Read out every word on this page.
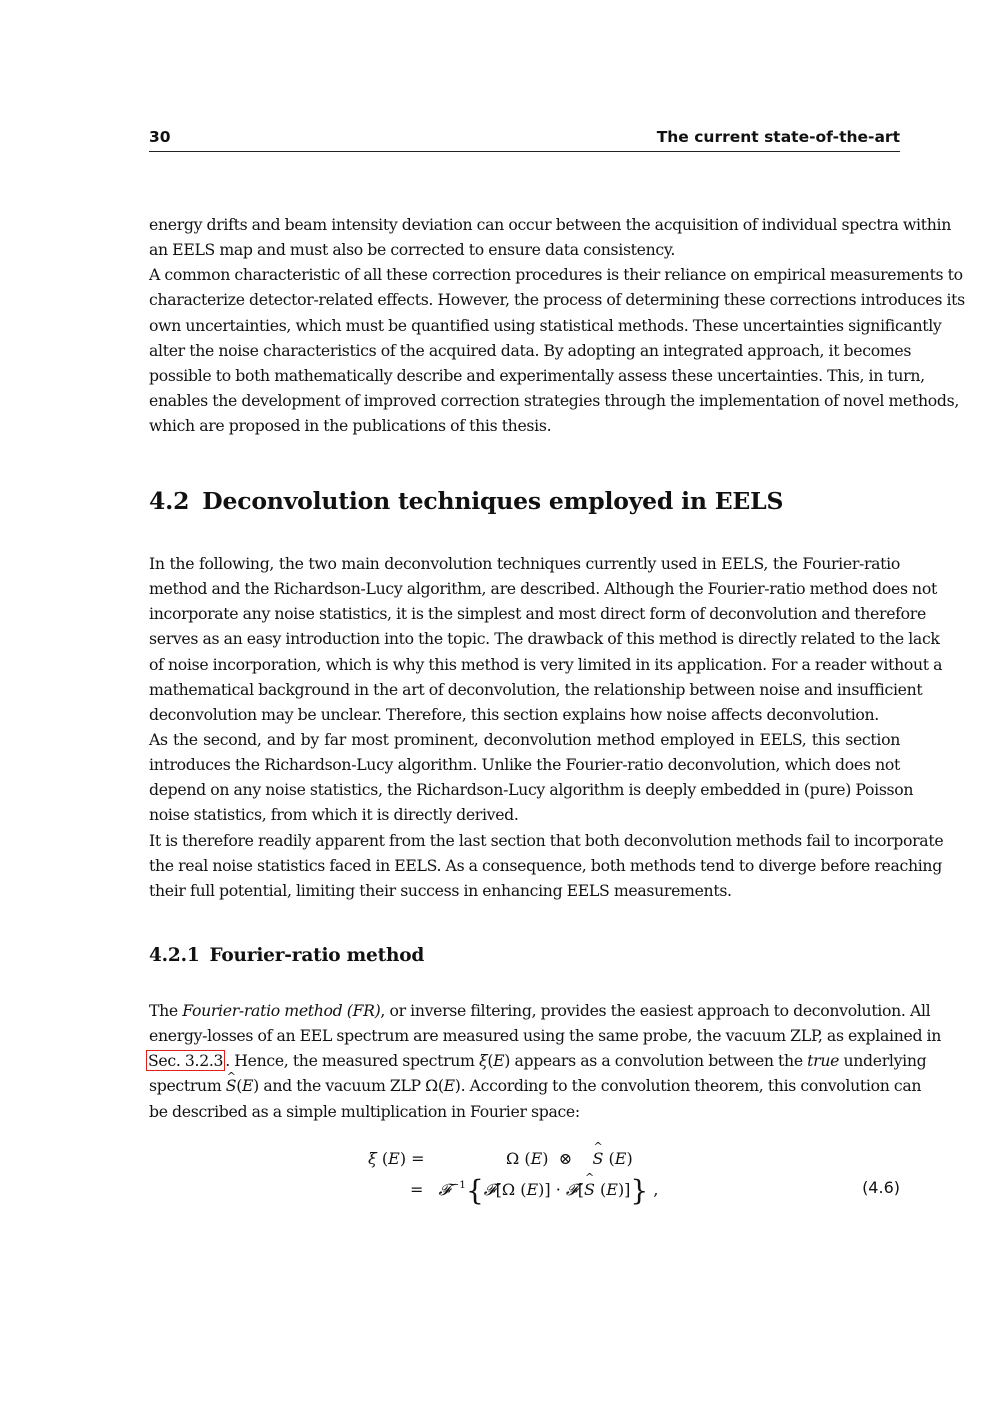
30	The current state-of-the-art
energy drifts and beam intensity deviation can occur between the acquisition of individual spectra within
an EELS map and must also be corrected to ensure data consistency.
A common characteristic of all these correction procedures is their reliance on empirical measurements to
characterize detector-related effects. However, the process of determining these corrections introduces its
own uncertainties, which must be quantified using statistical methods. These uncertainties significantly
alter the noise characteristics of the acquired data. By adopting an integrated approach, it becomes
possible to both mathematically describe and experimentally assess these uncertainties. This, in turn,
enables the development of improved correction strategies through the implementation of novel methods,
which are proposed in the publications of this thesis.
4.2 Deconvolution techniques employed in EELS
In the following, the two main deconvolution techniques currently used in EELS, the Fourier-ratio
method and the Richardson-Lucy algorithm, are described. Although the Fourier-ratio method does not
incorporate any noise statistics, it is the simplest and most direct form of deconvolution and therefore
serves as an easy introduction into the topic. The drawback of this method is directly related to the lack
of noise incorporation, which is why this method is very limited in its application. For a reader without a
mathematical background in the art of deconvolution, the relationship between noise and insufficient
deconvolution may be unclear. Therefore, this section explains how noise affects deconvolution.
As the second, and by far most prominent, deconvolution method employed in EELS, this section
introduces the Richardson-Lucy algorithm. Unlike the Fourier-ratio deconvolution, which does not
depend on any noise statistics, the Richardson-Lucy algorithm is deeply embedded in (pure) Poisson
noise statistics, from which it is directly derived.
It is therefore readily apparent from the last section that both deconvolution methods fail to incorporate
the real noise statistics faced in EELS. As a consequence, both methods tend to diverge before reaching
their full potential, limiting their success in enhancing EELS measurements.
4.2.1 Fourier-ratio method
The Fourier-ratio method (FR), or inverse filtering, provides the easiest approach to deconvolution. All
energy-losses of an EEL spectrum are measured using the same probe, the vacuum ZLP, as explained in
Sec. 3.2.3 . Hence, the measured spectrum ξ(E) appears as a convolution between the true underlying
spectrum ^ S(E) and the vacuum ZLP Ω(E). According to the convolution theorem, this convolution can
be described as a simple multiplication in Fourier space:
ξ (E) =	Ω (E)  ⊗    ^ S (E)
=   𝓕$^{-1}${𝓕[Ω (E)] · 𝓕[^ S (E)]} ,	(4.6)
